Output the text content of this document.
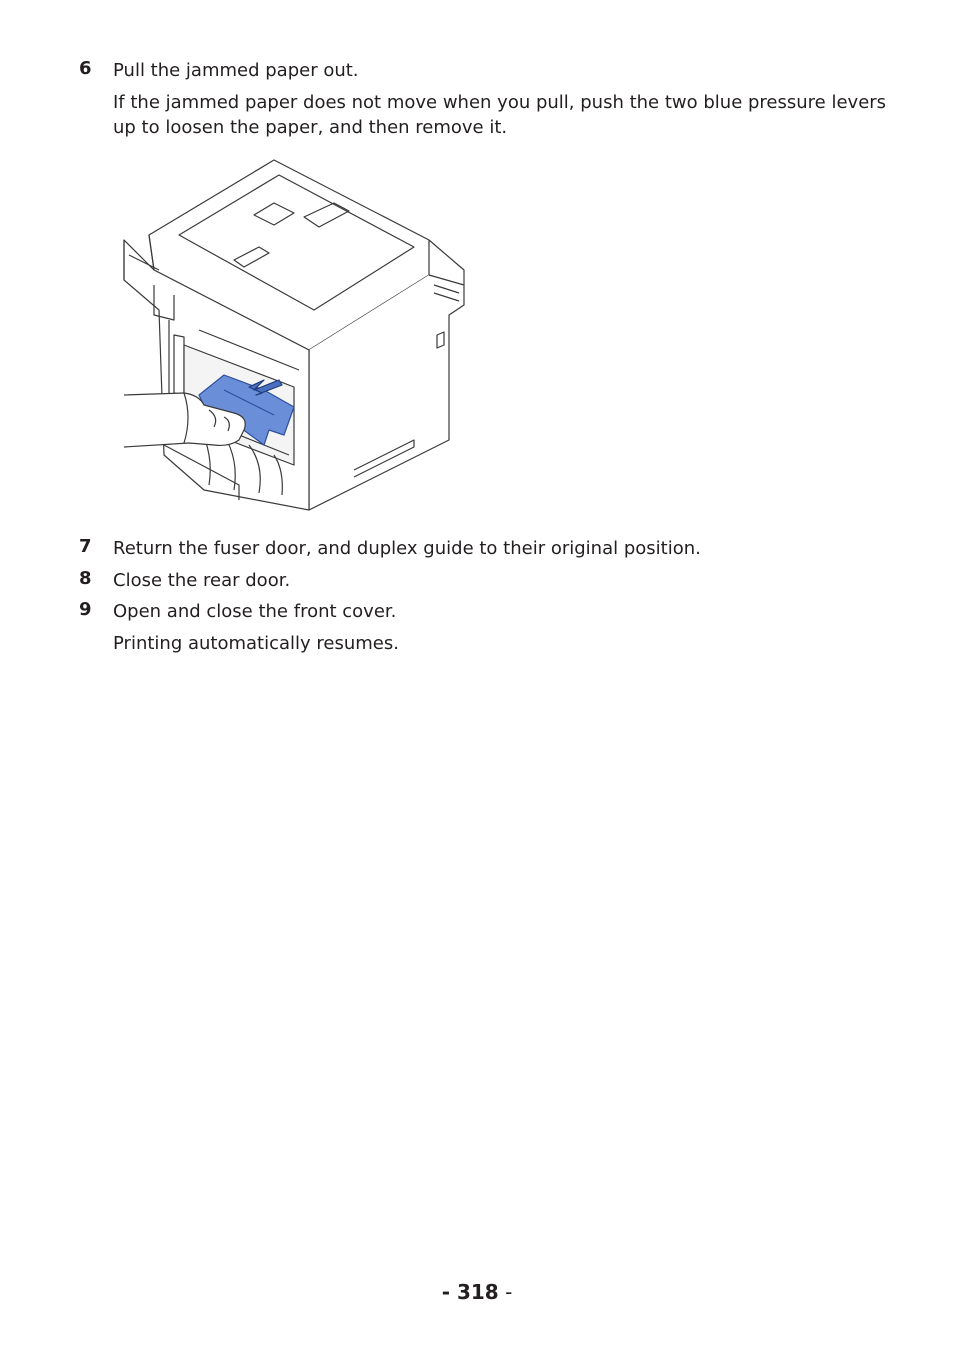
6 Pull the jammed paper out.
If the jammed paper does not move when you pull, push the two blue pressure levers up to loosen the paper, and then remove it.
7 Return the fuser door, and duplex guide to their original position.
8 Close the rear door.
9 Open and close the front cover.
Printing automatically resumes.
- 318 -
